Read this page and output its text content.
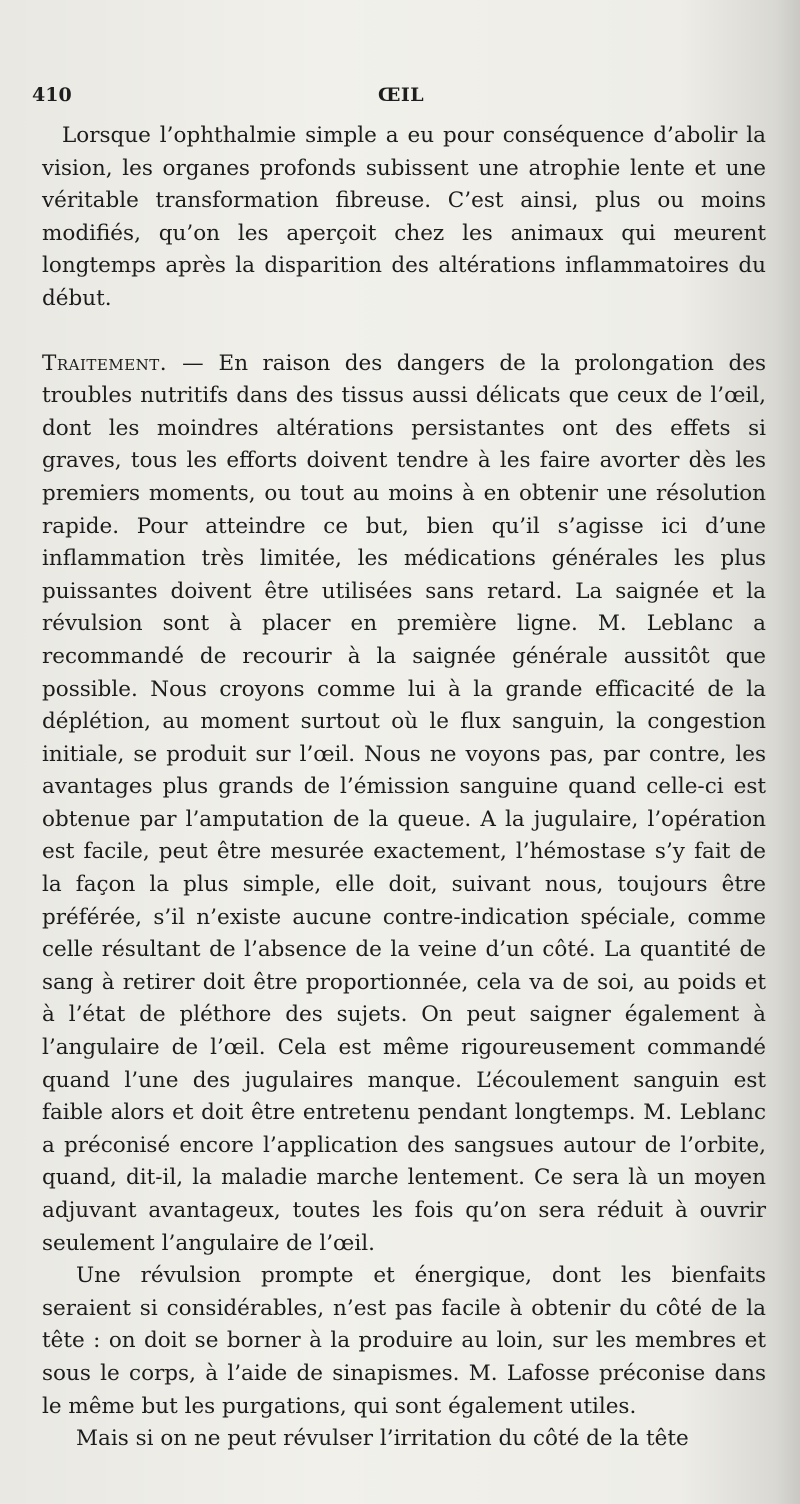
410	ŒIL

Lorsque l’ophthalmie simple a eu pour conséquence d’abolir la vision, les organes profonds subissent une atrophie lente et une véritable transformation fibreuse. C’est ainsi, plus ou moins modifiés, qu’on les aperçoit chez les animaux qui meurent longtemps après la disparition des altérations inflammatoires du début.

Traitement. — En raison des dangers de la prolongation des troubles nutritifs dans des tissus aussi délicats que ceux de l’œil, dont les moindres altérations persistantes ont des effets si graves, tous les efforts doivent tendre à les faire avorter dès les premiers moments, ou tout au moins à en obtenir une résolution rapide. Pour atteindre ce but, bien qu’il s’agisse ici d’une inflammation très limitée, les médications générales les plus puissantes doivent être utilisées sans retard. La saignée et la révulsion sont à placer en première ligne. M. Leblanc a recommandé de recourir à la saignée générale aussitôt que possible. Nous croyons comme lui à la grande efficacité de la déplétion, au moment surtout où le flux sanguin, la congestion initiale, se produit sur l’œil. Nous ne voyons pas, par contre, les avantages plus grands de l’émission sanguine quand celle-ci est obtenue par l’amputation de la queue. A la jugulaire, l’opération est facile, peut être mesurée exactement, l’hémostase s’y fait de la façon la plus simple, elle doit, suivant nous, toujours être préférée, s’il n’existe aucune contre-indication spéciale, comme celle résultant de l’absence de la veine d’un côté. La quantité de sang à retirer doit être proportionnée, cela va de soi, au poids et à l’état de pléthore des sujets. On peut saigner également à l’angulaire de l’œil. Cela est même rigoureusement commandé quand l’une des jugulaires manque. L’écoulement sanguin est faible alors et doit être entretenu pendant longtemps. M. Leblanc a préconisé encore l’application des sangsues autour de l’orbite, quand, dit-il, la maladie marche lentement. Ce sera là un moyen adjuvant avantageux, toutes les fois qu’on sera réduit à ouvrir seulement l’angulaire de l’œil.

Une révulsion prompte et énergique, dont les bienfaits seraient si considérables, n’est pas facile à obtenir du côté de la tête : on doit se borner à la produire au loin, sur les membres et sous le corps, à l’aide de sinapismes. M. Lafosse préconise dans le même but les purgations, qui sont également utiles.

Mais si on ne peut révulser l’irritation du côté de la tête
